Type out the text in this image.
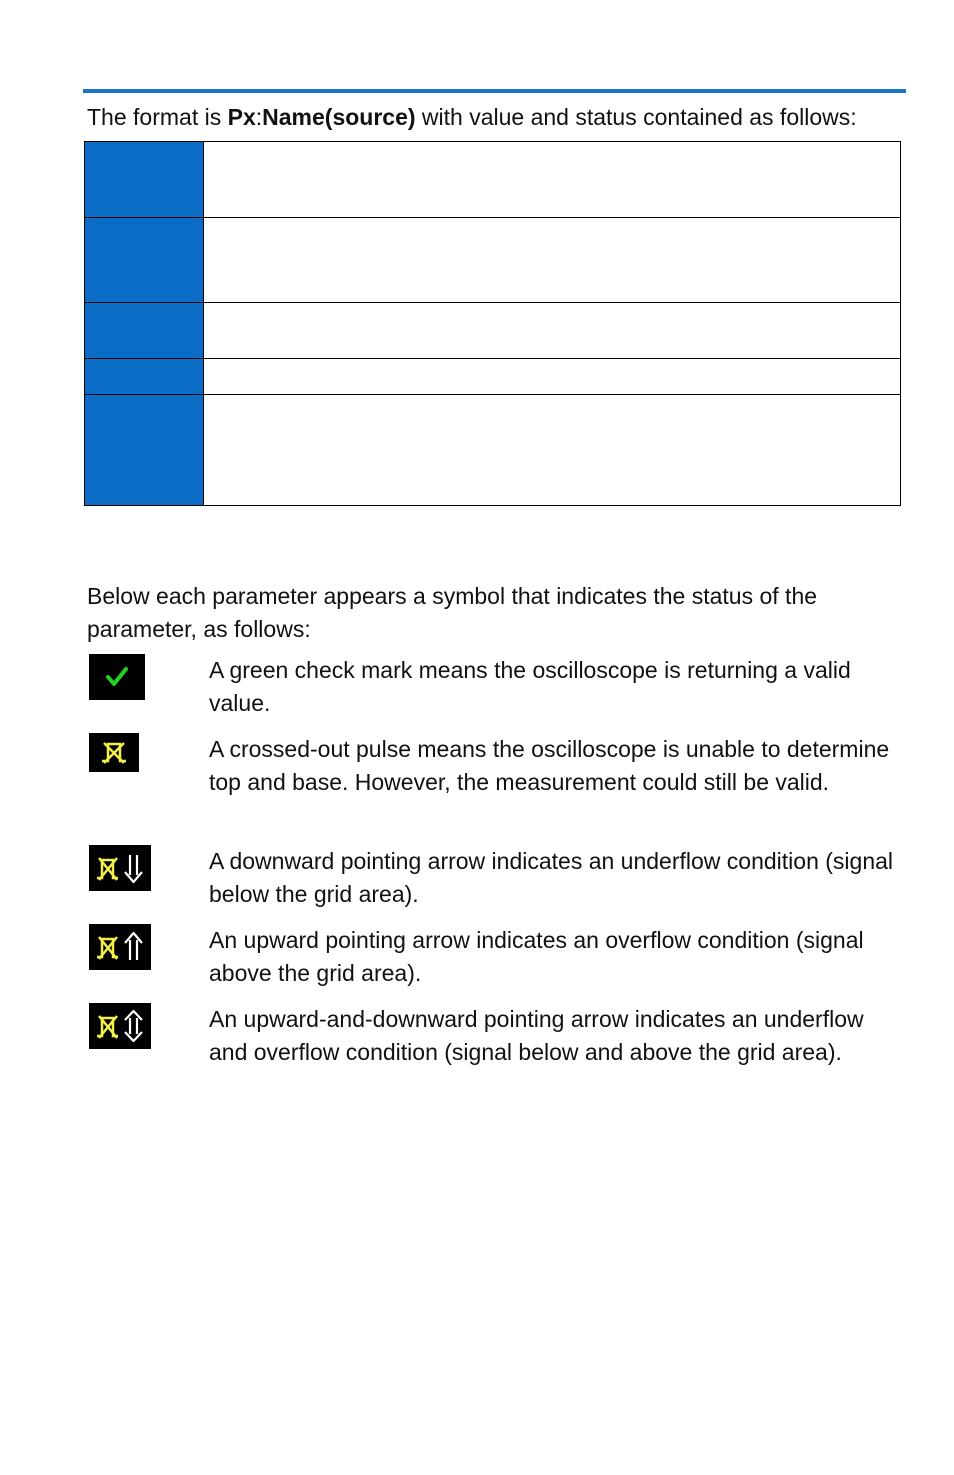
The format is Px:Name(source) with value and status contained as follows:

Below each parameter appears a symbol that indicates the status of the parameter, as follows:
A green check mark means the oscilloscope is returning a valid value.
A crossed-out pulse means the oscilloscope is unable to determine top and base. However, the measurement could still be valid.
A downward pointing arrow indicates an underflow condition (signal below the grid area).
An upward pointing arrow indicates an overflow condition (signal above the grid area).
An upward-and-downward pointing arrow indicates an underflow and overflow condition (signal below and above the grid area).
